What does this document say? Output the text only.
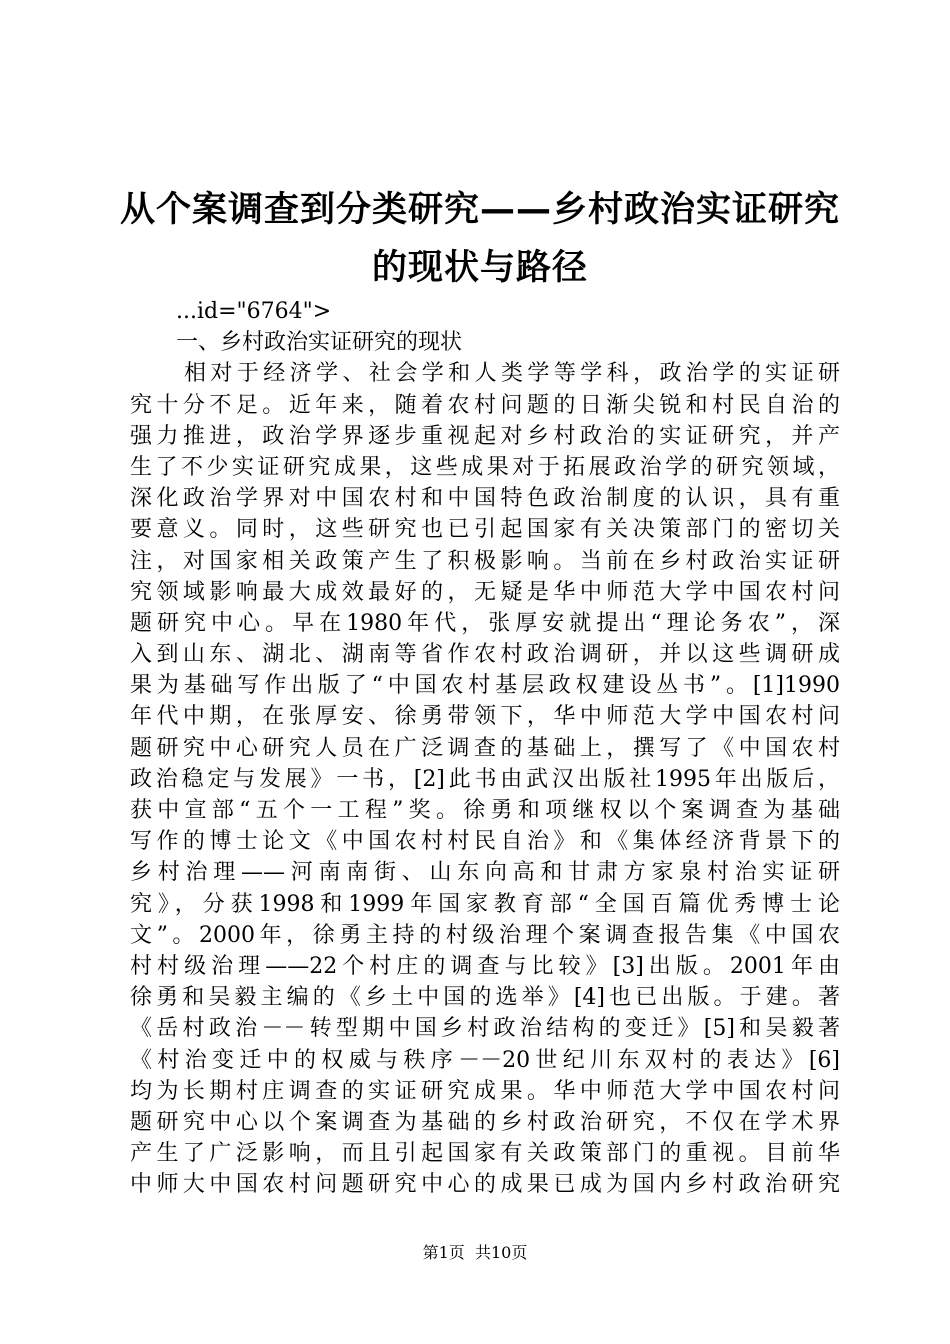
从个案调查到分类研究——乡村政治实证研究
的现状与路径
...id="6764">
一、乡村政治实证研究的现状
相对于经济学、社会学和人类学等学科，政治学的实证研
究十分不足。近年来，随着农村问题的日渐尖锐和村民自治的
强力推进，政治学界逐步重视起对乡村政治的实证研究，并产
生了不少实证研究成果，这些成果对于拓展政治学的研究领域，
深化政治学界对中国农村和中国特色政治制度的认识，具有重
要意义。同时，这些研究也已引起国家有关决策部门的密切关
注，对国家相关政策产生了积极影响。当前在乡村政治实证研
究领域影响最大成效最好的，无疑是华中师范大学中国农村问
题研究中心。早在1980年代，张厚安就提出“理论务农”，深
入到山东、湖北、湖南等省作农村政治调研，并以这些调研成
果为基础写作出版了“中国农村基层政权建设丛书”。[1]1990
年代中期，在张厚安、徐勇带领下，华中师范大学中国农村问
题研究中心研究人员在广泛调查的基础上，撰写了《中国农村
政治稳定与发展》一书，[2]此书由武汉出版社1995年出版后，
获中宣部“五个一工程”奖。徐勇和项继权以个案调查为基础
写作的博士论文《中国农村村民自治》和《集体经济背景下的
乡村治理——河南南街、山东向高和甘肃方家泉村治实证研
究》，分获1998和1999年国家教育部“全国百篇优秀博士论
文”。2000年，徐勇主持的村级治理个案调查报告集《中国农
村村级治理——22个村庄的调查与比较》[3]出版。2001年由
徐勇和吴毅主编的《乡土中国的选举》[4]也已出版。于建。著
《岳村政治－－转型期中国乡村政治结构的变迁》[5]和吴毅著
《村治变迁中的权威与秩序－－20世纪川东双村的表达》[6]
均为长期村庄调查的实证研究成果。华中师范大学中国农村问
题研究中心以个案调查为基础的乡村政治研究，不仅在学术界
产生了广泛影响，而且引起国家有关政策部门的重视。目前华
中师大中国农村问题研究中心的成果已成为国内乡村政治研究
第1页 共10页
